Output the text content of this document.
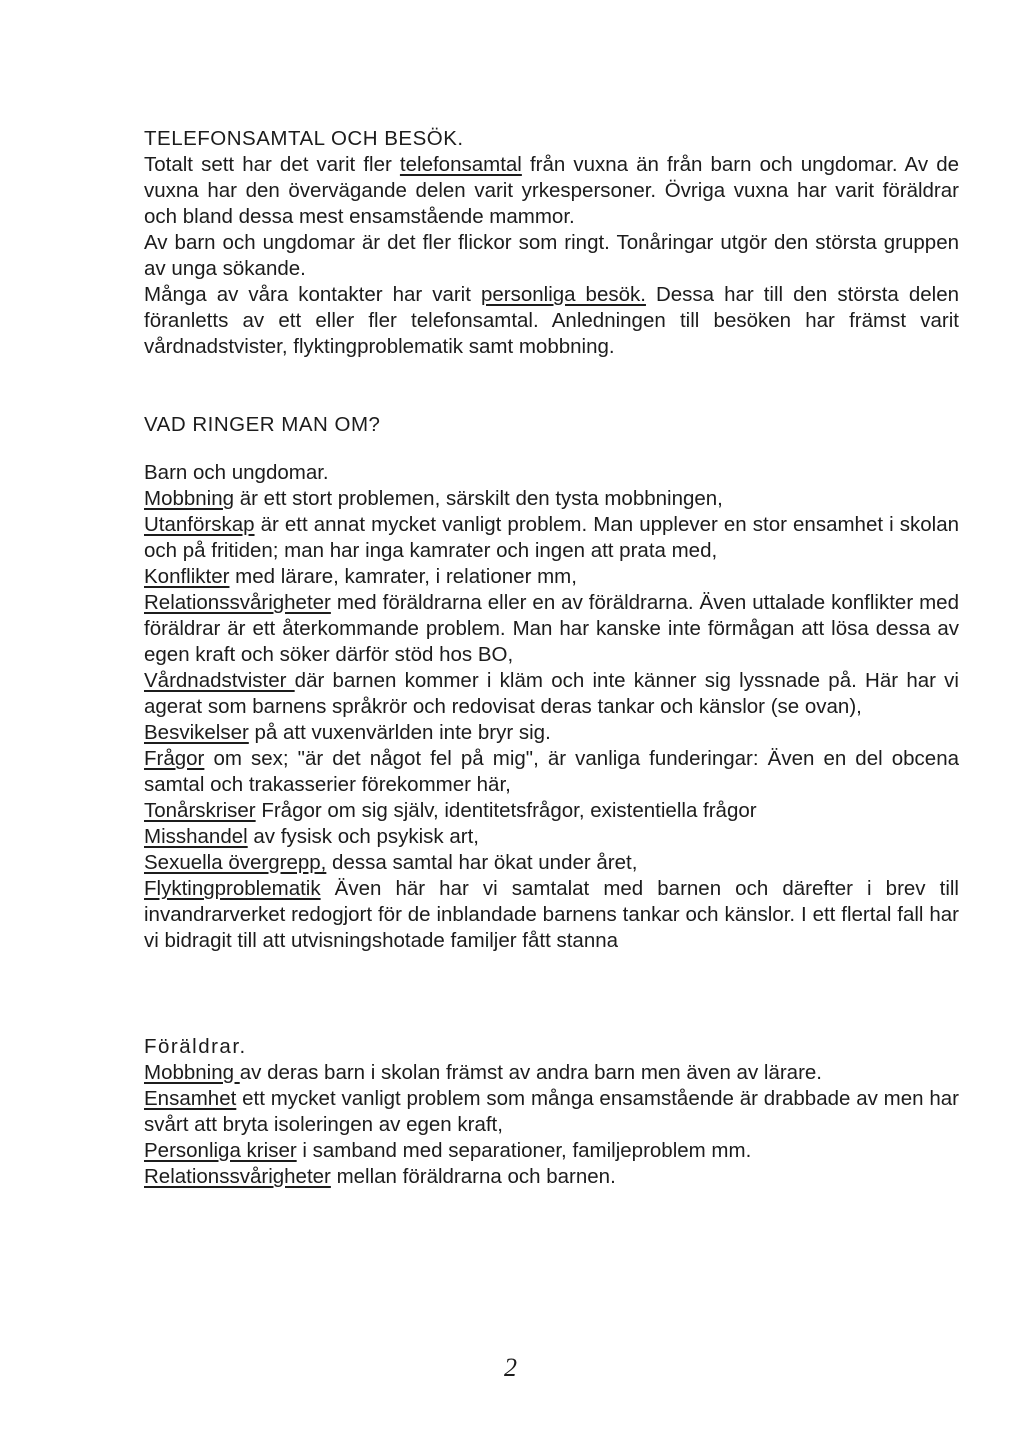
TELEFONSAMTAL OCH BESÖK.

Totalt sett har det varit fler telefonsamtal från vuxna än från barn och ungdomar. Av de vuxna har den övervägande delen varit yrkespersoner. Övriga vuxna har varit föräldrar och bland dessa mest ensamstående mammor.

Av barn och ungdomar är det fler flickor som ringt. Tonåringar utgör den största gruppen av unga sökande.

Många av våra kontakter har varit personliga besök. Dessa har till den största delen föranletts av ett eller fler telefonsamtal. Anledningen till besöken har främst varit vårdnadstvister, flyktingproblematik samt mobbning.

VAD RINGER MAN OM?

Barn och ungdomar.

Mobbning är ett stort problemen, särskilt den tysta mobbningen,

Utanförskap är ett annat mycket vanligt problem. Man upplever en stor ensamhet i skolan och på fritiden; man har inga kamrater och ingen att prata med,

Konflikter med lärare, kamrater, i relationer mm,

Relationssvårigheter med föräldrarna eller en av föräldrarna. Även uttalade konflikter med föräldrar är ett återkommande problem. Man har kanske inte förmågan att lösa dessa av egen kraft och söker därför stöd hos BO,

Vårdnadstvister där barnen kommer i kläm och inte känner sig lyssnade på. Här har vi agerat som barnens språkrör och redovisat deras tankar och känslor (se ovan),

Besvikelser på att vuxenvärlden inte bryr sig.

Frågor om sex; "är det något fel på mig", är vanliga funderingar: Även en del obcena samtal och trakasserier förekommer här,

Tonårskriser Frågor om sig själv, identitetsfrågor, existentiella frågor

Misshandel av fysisk och psykisk art,

Sexuella övergrepp, dessa samtal har ökat under året,

Flyktingproblematik Även här har vi samtalat med barnen och därefter i brev till invandrarverket redogjort för de inblandade barnens tankar och känslor. I ett flertal fall har vi bidragit till att utvisningshotade familjer fått stanna

Föräldrar.

Mobbning av deras barn i skolan främst av andra barn men även av lärare.

Ensamhet ett mycket vanligt problem som många ensamstående är drabbade av men har svårt att bryta isoleringen av egen kraft,

Personliga kriser i samband med separationer, familjeproblem mm.

Relationssvårigheter mellan föräldrarna och barnen.

2
